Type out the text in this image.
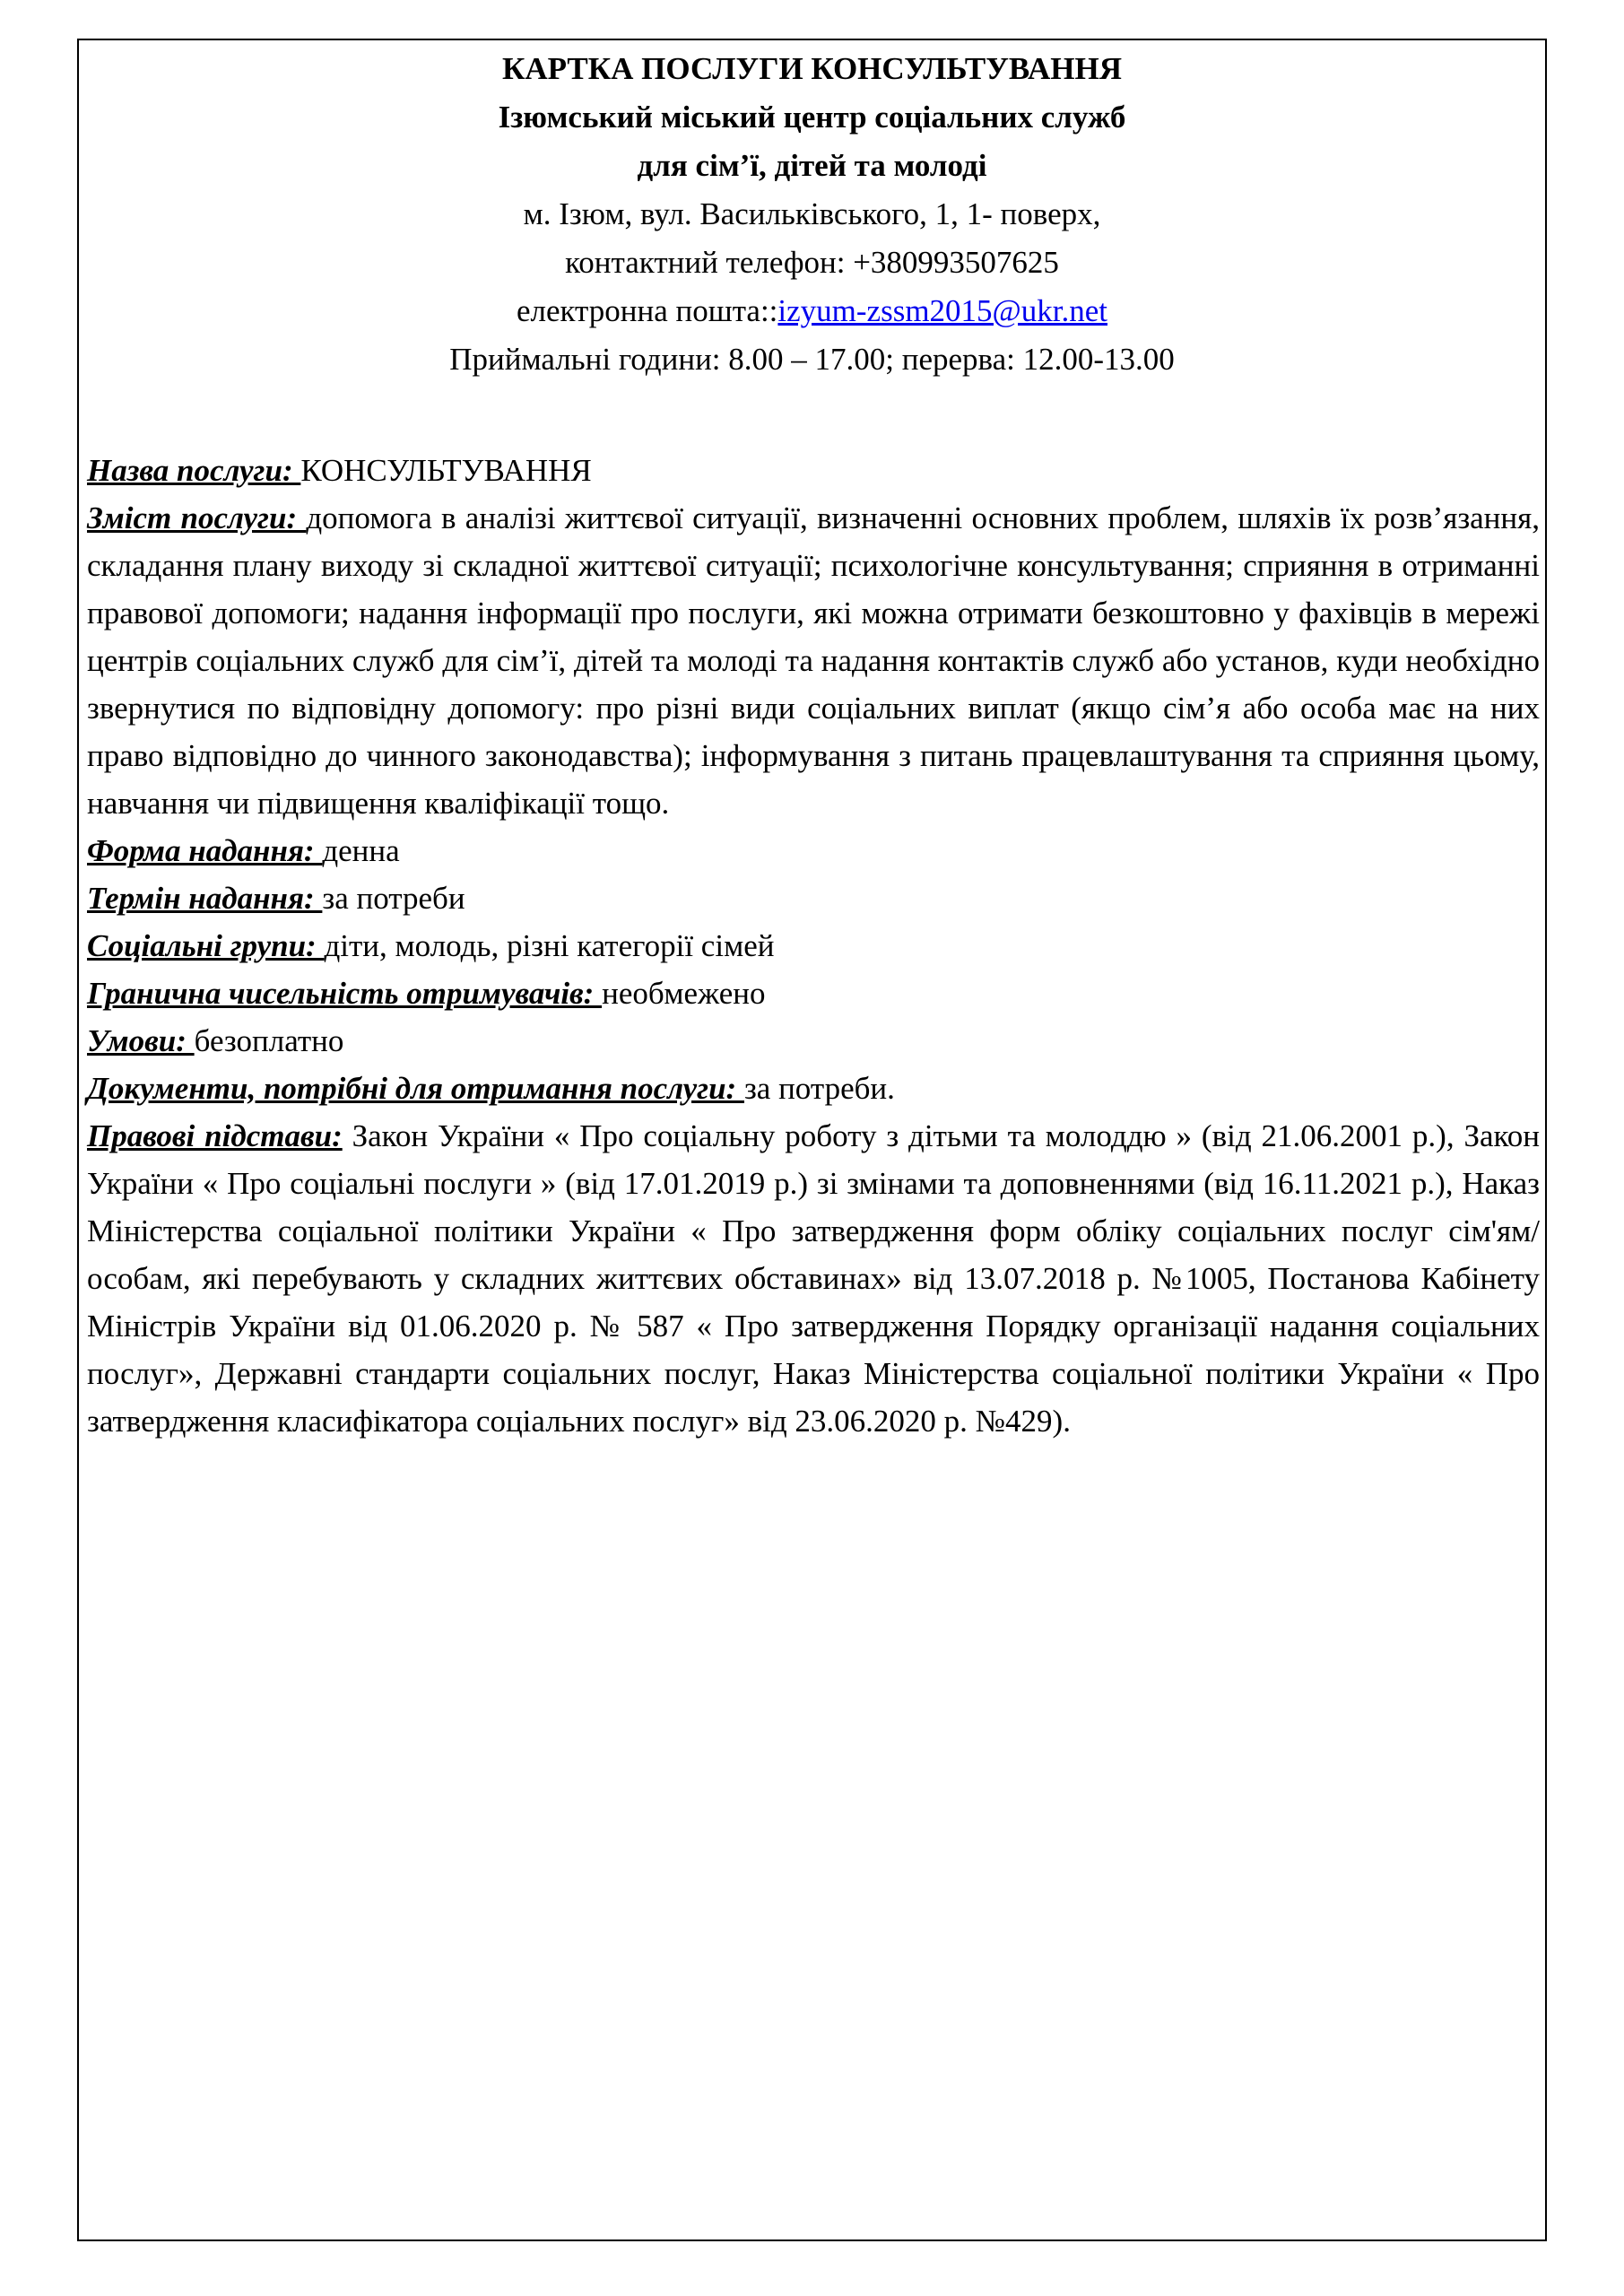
КАРТКА ПОСЛУГИ КОНСУЛЬТУВАННЯ

Ізюмський міський центр соціальних служб

для сім’ї, дітей та молоді

м. Ізюм, вул. Васильківського, 1, 1- поверх,

контактний телефон: +380993507625

електронна пошта::izyum-zssm2015@ukr.net

Приймальні години: 8.00 – 17.00; перерва: 12.00-13.00

Назва послуги: КОНСУЛЬТУВАННЯ

Зміст послуги: допомога в аналізі життєвої ситуації, визначенні основних проблем, шляхів їх розв’язання, складання плану виходу зі складної життєвої ситуації; психологічне консультування; сприяння в отриманні правової допомоги; надання інформації про послуги, які можна отримати безкоштовно у фахівців в мережі центрів соціальних служб для сім’ї, дітей та молоді та надання контактів служб або установ, куди необхідно звернутися по відповідну допомогу: про різні види соціальних виплат (якщо сім’я або особа має на них право відповідно до чинного законодавства); інформування з питань працевлаштування та сприяння цьому, навчання чи підвищення кваліфікації тощо.

Форма надання: денна

Термін надання: за потреби

Соціальні групи: діти, молодь, різні категорії сімей

Гранична чисельність отримувачів: необмежено

Умови: безоплатно

Документи, потрібні для отримання послуги: за потреби.

Правові підстави: Закон України « Про соціальну роботу з дітьми та молоддю » (від 21.06.2001 р.), Закон України « Про соціальні послуги » (від 17.01.2019 р.) зі змінами та доповненнями (від 16.11.2021 р.), Наказ Міністерства соціальної політики України « Про затвердження форм обліку соціальних послуг сім'ям/особам, які перебувають у складних життєвих обставинах» від 13.07.2018 р. №1005, Постанова Кабінету Міністрів України від 01.06.2020 р. № 587 « Про затвердження Порядку організації надання соціальних послуг», Державні стандарти соціальних послуг, Наказ Міністерства соціальної політики України « Про затвердження класифікатора соціальних послуг» від 23.06.2020 р. №429).
